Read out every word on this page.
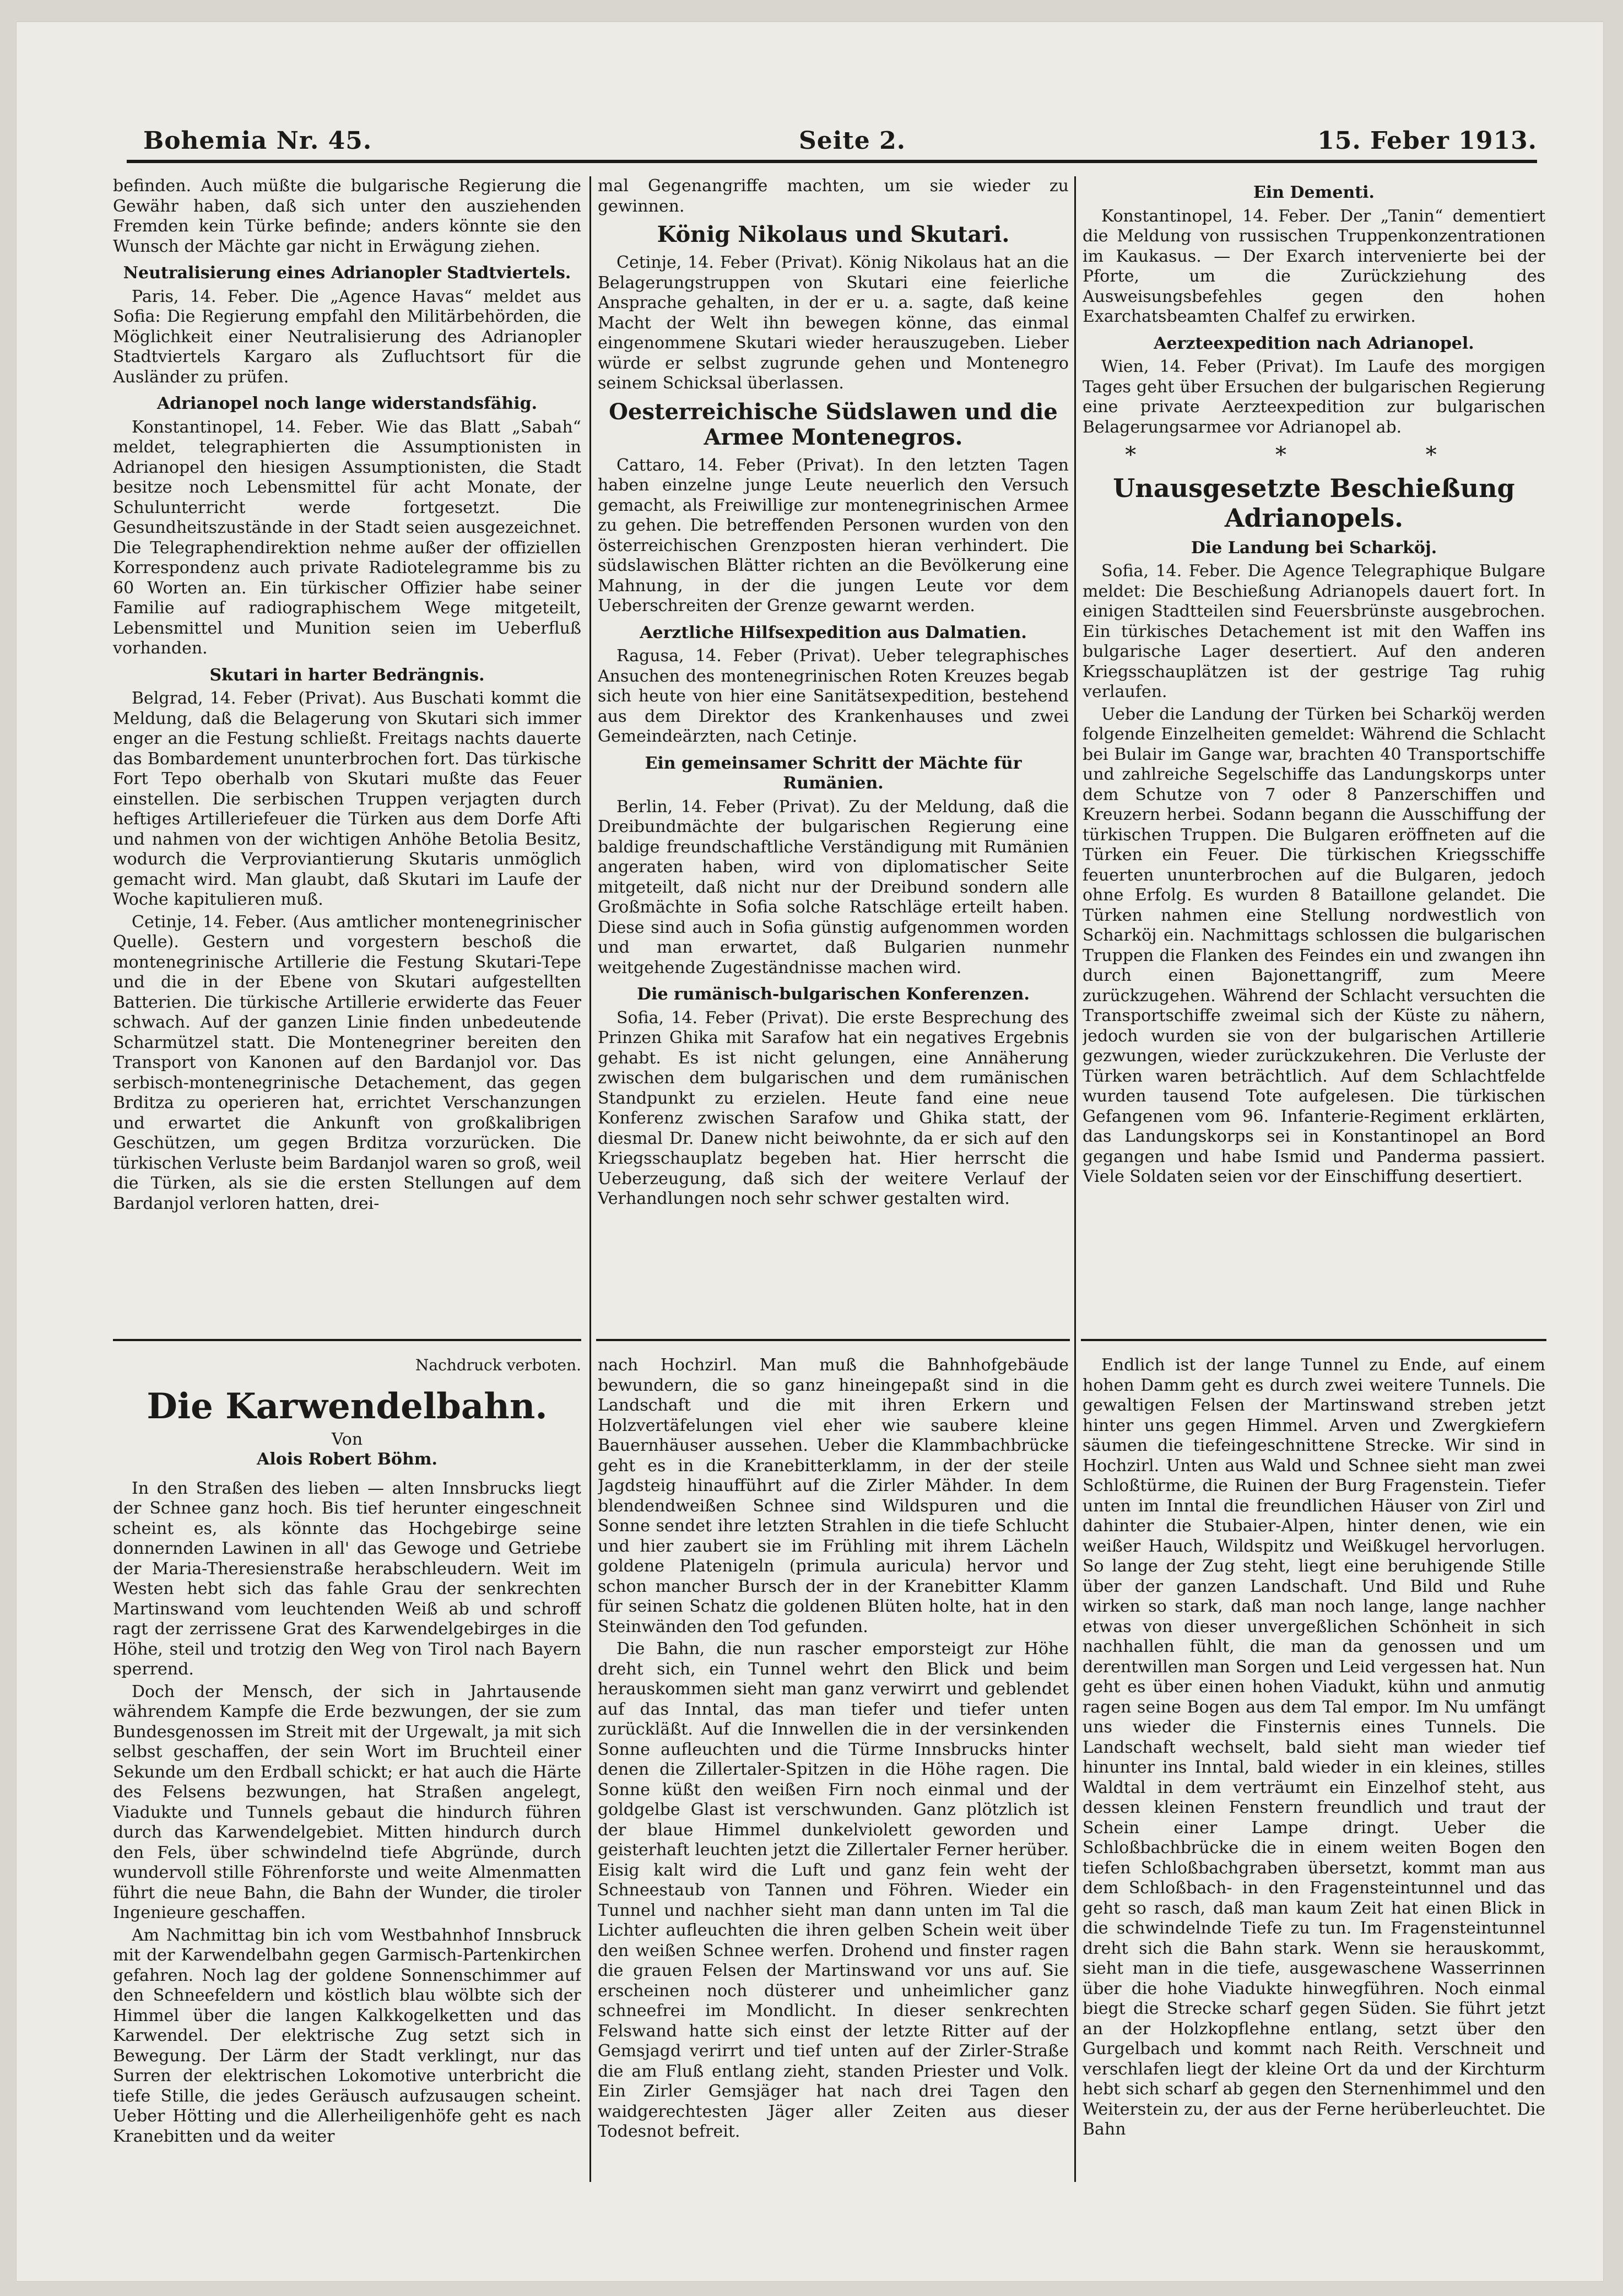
Bohemia Nr. 45.	Seite 2.	15. Feber 1913.

befinden. Auch müßte die bulgarische Regierung die Gewähr haben, daß sich unter den ausziehenden Fremden kein Türke befinde; anders könnte sie den Wunsch der Mächte gar nicht in Erwägung ziehen.

Neutralisierung eines Adrianopler Stadtviertels.

Paris, 14. Feber. Die „Agence Havas“ meldet aus Sofia: Die Regierung empfahl den Militärbehörden, die Möglichkeit einer Neutralisierung des Adrianopler Stadtviertels Kargaro als Zufluchtsort für die Ausländer zu prüfen.

Adrianopel noch lange widerstandsfähig.

Konstantinopel, 14. Feber. Wie das Blatt „Sabah“ meldet, telegraphierten die Assumptionisten in Adrianopel den hiesigen Assumptionisten, die Stadt besitze noch Lebensmittel für acht Monate, der Schulunterricht werde fortgesetzt. Die Gesundheitszustände in der Stadt seien ausgezeichnet. Die Telegraphendirektion nehme außer der offiziellen Korrespondenz auch private Radiotelegramme bis zu 60 Worten an. Ein türkischer Offizier habe seiner Familie auf radiographischem Wege mitgeteilt, Lebensmittel und Munition seien im Ueberfluß vorhanden.

Skutari in harter Bedrängnis.

Belgrad, 14. Feber (Privat). Aus Buschati kommt die Meldung, daß die Belagerung von Skutari sich immer enger an die Festung schließt. Freitags nachts dauerte das Bombardement ununterbrochen fort. Das türkische Fort Tepo oberhalb von Skutari mußte das Feuer einstellen. Die serbischen Truppen verjagten durch heftiges Artilleriefeuer die Türken aus dem Dorfe Afti und nahmen von der wichtigen Anhöhe Betolia Besitz, wodurch die Verproviantierung Skutaris unmöglich gemacht wird. Man glaubt, daß Skutari im Laufe der Woche kapitulieren muß.

Cetinje, 14. Feber. (Aus amtlicher montenegrinischer Quelle). Gestern und vorgestern beschoß die montenegrinische Artillerie die Festung Skutari-Tepe und die in der Ebene von Skutari aufgestellten Batterien. Die türkische Artillerie erwiderte das Feuer schwach. Auf der ganzen Linie finden unbedeutende Scharmützel statt. Die Montenegriner bereiten den Transport von Kanonen auf den Bardanjol vor. Das serbisch-montenegrinische Detachement, das gegen Brditza zu operieren hat, errichtet Verschanzungen und erwartet die Ankunft von großkalibrigen Geschützen, um gegen Brditza vorzurücken. Die türkischen Verluste beim Bardanjol waren so groß, weil die Türken, als sie die ersten Stellungen auf dem Bardanjol verloren hatten, drei-

mal Gegenangriffe machten, um sie wieder zu gewinnen.

König Nikolaus und Skutari.

Cetinje, 14. Feber (Privat). König Nikolaus hat an die Belagerungstruppen von Skutari eine feierliche Ansprache gehalten, in der er u. a. sagte, daß keine Macht der Welt ihn bewegen könne, das einmal eingenommene Skutari wieder herauszugeben. Lieber würde er selbst zugrunde gehen und Montenegro seinem Schicksal überlassen.

Oesterreichische Südslawen und die Armee Montenegros.

Cattaro, 14. Feber (Privat). In den letzten Tagen haben einzelne junge Leute neuerlich den Versuch gemacht, als Freiwillige zur montenegrinischen Armee zu gehen. Die betreffenden Personen wurden von den österreichischen Grenzposten hieran verhindert. Die südslawischen Blätter richten an die Bevölkerung eine Mahnung, in der die jungen Leute vor dem Ueberschreiten der Grenze gewarnt werden.

Aerztliche Hilfsexpedition aus Dalmatien.

Ragusa, 14. Feber (Privat). Ueber telegraphisches Ansuchen des montenegrinischen Roten Kreuzes begab sich heute von hier eine Sanitätsexpedition, bestehend aus dem Direktor des Krankenhauses und zwei Gemeindeärzten, nach Cetinje.

Ein gemeinsamer Schritt der Mächte für Rumänien.

Berlin, 14. Feber (Privat). Zu der Meldung, daß die Dreibundmächte der bulgarischen Regierung eine baldige freundschaftliche Verständigung mit Rumänien angeraten haben, wird von diplomatischer Seite mitgeteilt, daß nicht nur der Dreibund sondern alle Großmächte in Sofia solche Ratschläge erteilt haben. Diese sind auch in Sofia günstig aufgenommen worden und man erwartet, daß Bulgarien nunmehr weitgehende Zugeständnisse machen wird.

Die rumänisch-bulgarischen Konferenzen.

Sofia, 14. Feber (Privat). Die erste Besprechung des Prinzen Ghika mit Sarafow hat ein negatives Ergebnis gehabt. Es ist nicht gelungen, eine Annäherung zwischen dem bulgarischen und dem rumänischen Standpunkt zu erzielen. Heute fand eine neue Konferenz zwischen Sarafow und Ghika statt, der diesmal Dr. Danew nicht beiwohnte, da er sich auf den Kriegsschauplatz begeben hat. Hier herrscht die Ueberzeugung, daß sich der weitere Verlauf der Verhandlungen noch sehr schwer gestalten wird.

Ein Dementi.

Konstantinopel, 14. Feber. Der „Tanin“ dementiert die Meldung von russischen Truppenkonzentrationen im Kaukasus. — Der Exarch intervenierte bei der Pforte, um die Zurückziehung des Ausweisungsbefehles gegen den hohen Exarchatsbeamten Chalfef zu erwirken.

Aerzteexpedition nach Adrianopel.

Wien, 14. Feber (Privat). Im Laufe des morgigen Tages geht über Ersuchen der bulgarischen Regierung eine private Aerzteexpedition zur bulgarischen Belagerungsarmee vor Adrianopel ab.

* * *
Unausgesetzte Beschießung Adrianopels.
Die Landung bei Scharköj.

Sofia, 14. Feber. Die Agence Telegraphique Bulgare meldet: Die Beschießung Adrianopels dauert fort. In einigen Stadtteilen sind Feuersbrünste ausgebrochen. Ein türkisches Detachement ist mit den Waffen ins bulgarische Lager desertiert. Auf den anderen Kriegsschauplätzen ist der gestrige Tag ruhig verlaufen.

Ueber die Landung der Türken bei Scharköj werden folgende Einzelheiten gemeldet: Während die Schlacht bei Bulair im Gange war, brachten 40 Transportschiffe und zahlreiche Segelschiffe das Landungskorps unter dem Schutze von 7 oder 8 Panzerschiffen und Kreuzern herbei. Sodann begann die Ausschiffung der türkischen Truppen. Die Bulgaren eröffneten auf die Türken ein Feuer. Die türkischen Kriegsschiffe feuerten ununterbrochen auf die Bulgaren, jedoch ohne Erfolg. Es wurden 8 Bataillone gelandet. Die Türken nahmen eine Stellung nordwestlich von Scharköj ein. Nachmittags schlossen die bulgarischen Truppen die Flanken des Feindes ein und zwangen ihn durch einen Bajonettangriff, zum Meere zurückzugehen. Während der Schlacht versuchten die Transportschiffe zweimal sich der Küste zu nähern, jedoch wurden sie von der bulgarischen Artillerie gezwungen, wieder zurückzukehren. Die Verluste der Türken waren beträchtlich. Auf dem Schlachtfelde wurden tausend Tote aufgelesen. Die türkischen Gefangenen vom 96. Infanterie-Regiment erklärten, das Landungskorps sei in Konstantinopel an Bord gegangen und habe Ismid und Panderma passiert. Viele Soldaten seien vor der Einschiffung desertiert.

Nachdruck verboten.
Die Karwendelbahn.
Von
Alois Robert Böhm.

In den Straßen des lieben — alten Innsbrucks liegt der Schnee ganz hoch. Bis tief herunter eingeschneit scheint es, als könnte das Hochgebirge seine donnernden Lawinen in all' das Gewoge und Getriebe der Maria-Theresienstraße herabschleudern. Weit im Westen hebt sich das fahle Grau der senkrechten Martinswand vom leuchtenden Weiß ab und schroff ragt der zerrissene Grat des Karwendelgebirges in die Höhe, steil und trotzig den Weg von Tirol nach Bayern sperrend.

Doch der Mensch, der sich in Jahrtausende währendem Kampfe die Erde bezwungen, der sie zum Bundesgenossen im Streit mit der Urgewalt, ja mit sich selbst geschaffen, der sein Wort im Bruchteil einer Sekunde um den Erdball schickt; er hat auch die Härte des Felsens bezwungen, hat Straßen angelegt, Viadukte und Tunnels gebaut die hindurch führen durch das Karwendelgebiet. Mitten hindurch durch den Fels, über schwindelnd tiefe Abgründe, durch wundervoll stille Föhrenforste und weite Almenmatten führt die neue Bahn, die Bahn der Wunder, die tiroler Ingenieure geschaffen.

Am Nachmittag bin ich vom Westbahnhof Innsbruck mit der Karwendelbahn gegen Garmisch-Partenkirchen gefahren. Noch lag der goldene Sonnenschimmer auf den Schneefeldern und köstlich blau wölbte sich der Himmel über die langen Kalkkogelketten und das Karwendel. Der elektrische Zug setzt sich in Bewegung. Der Lärm der Stadt verklingt, nur das Surren der elektrischen Lokomotive unterbricht die tiefe Stille, die jedes Geräusch aufzusaugen scheint. Ueber Hötting und die Allerheiligenhöfe geht es nach Kranebitten und da weiter

nach Hochzirl. Man muß die Bahnhofgebäude bewundern, die so ganz hineingepaßt sind in die Landschaft und die mit ihren Erkern und Holzvertäfelungen viel eher wie saubere kleine Bauernhäuser aussehen. Ueber die Klammbachbrücke geht es in die Kranebitterklamm, in der der steile Jagdsteig hinaufführt auf die Zirler Mähder. In dem blendendweißen Schnee sind Wildspuren und die Sonne sendet ihre letzten Strahlen in die tiefe Schlucht und hier zaubert sie im Frühling mit ihrem Lächeln goldene Platenigeln (primula auricula) hervor und schon mancher Bursch der in der Kranebitter Klamm für seinen Schatz die goldenen Blüten holte, hat in den Steinwänden den Tod gefunden.

Die Bahn, die nun rascher emporsteigt zur Höhe dreht sich, ein Tunnel wehrt den Blick und beim herauskommen sieht man ganz verwirrt und geblendet auf das Inntal, das man tiefer und tiefer unten zurückläßt. Auf die Innwellen die in der versinkenden Sonne aufleuchten und die Türme Innsbrucks hinter denen die Zillertaler-Spitzen in die Höhe ragen. Die Sonne küßt den weißen Firn noch einmal und der goldgelbe Glast ist verschwunden. Ganz plötzlich ist der blaue Himmel dunkelviolett geworden und geisterhaft leuchten jetzt die Zillertaler Ferner herüber. Eisig kalt wird die Luft und ganz fein weht der Schneestaub von Tannen und Föhren. Wieder ein Tunnel und nachher sieht man dann unten im Tal die Lichter aufleuchten die ihren gelben Schein weit über den weißen Schnee werfen. Drohend und finster ragen die grauen Felsen der Martinswand vor uns auf. Sie erscheinen noch düsterer und unheimlicher ganz schneefrei im Mondlicht. In dieser senkrechten Felswand hatte sich einst der letzte Ritter auf der Gemsjagd verirrt und tief unten auf der Zirler-Straße die am Fluß entlang zieht, standen Priester und Volk. Ein Zirler Gemsjäger hat nach drei Tagen den waidgerechtesten Jäger aller Zeiten aus dieser Todesnot befreit.

Endlich ist der lange Tunnel zu Ende, auf einem hohen Damm geht es durch zwei weitere Tunnels. Die gewaltigen Felsen der Martinswand streben jetzt hinter uns gegen Himmel. Arven und Zwergkiefern säumen die tiefeingeschnittene Strecke. Wir sind in Hochzirl. Unten aus Wald und Schnee sieht man zwei Schloßtürme, die Ruinen der Burg Fragenstein. Tiefer unten im Inntal die freundlichen Häuser von Zirl und dahinter die Stubaier-Alpen, hinter denen, wie ein weißer Hauch, Wildspitz und Weißkugel hervorlugen. So lange der Zug steht, liegt eine beruhigende Stille über der ganzen Landschaft. Und Bild und Ruhe wirken so stark, daß man noch lange, lange nachher etwas von dieser unvergeßlichen Schönheit in sich nachhallen fühlt, die man da genossen und um derentwillen man Sorgen und Leid vergessen hat. Nun geht es über einen hohen Viadukt, kühn und anmutig ragen seine Bogen aus dem Tal empor. Im Nu umfängt uns wieder die Finsternis eines Tunnels. Die Landschaft wechselt, bald sieht man wieder tief hinunter ins Inntal, bald wieder in ein kleines, stilles Waldtal in dem verträumt ein Einzelhof steht, aus dessen kleinen Fenstern freundlich und traut der Schein einer Lampe dringt. Ueber die Schloßbachbrücke die in einem weiten Bogen den tiefen Schloßbachgraben übersetzt, kommt man aus dem Schloßbach- in den Fragensteintunnel und das geht so rasch, daß man kaum Zeit hat einen Blick in die schwindelnde Tiefe zu tun. Im Fragensteintunnel dreht sich die Bahn stark. Wenn sie herauskommt, sieht man in die tiefe, ausgewaschene Wasserrinnen über die hohe Viadukte hinwegführen. Noch einmal biegt die Strecke scharf gegen Süden. Sie führt jetzt an der Holzkopflehne entlang, setzt über den Gurgelbach und kommt nach Reith. Verschneit und verschlafen liegt der kleine Ort da und der Kirchturm hebt sich scharf ab gegen den Sternenhimmel und den Weiterstein zu, der aus der Ferne herüberleuchtet. Die Bahn
